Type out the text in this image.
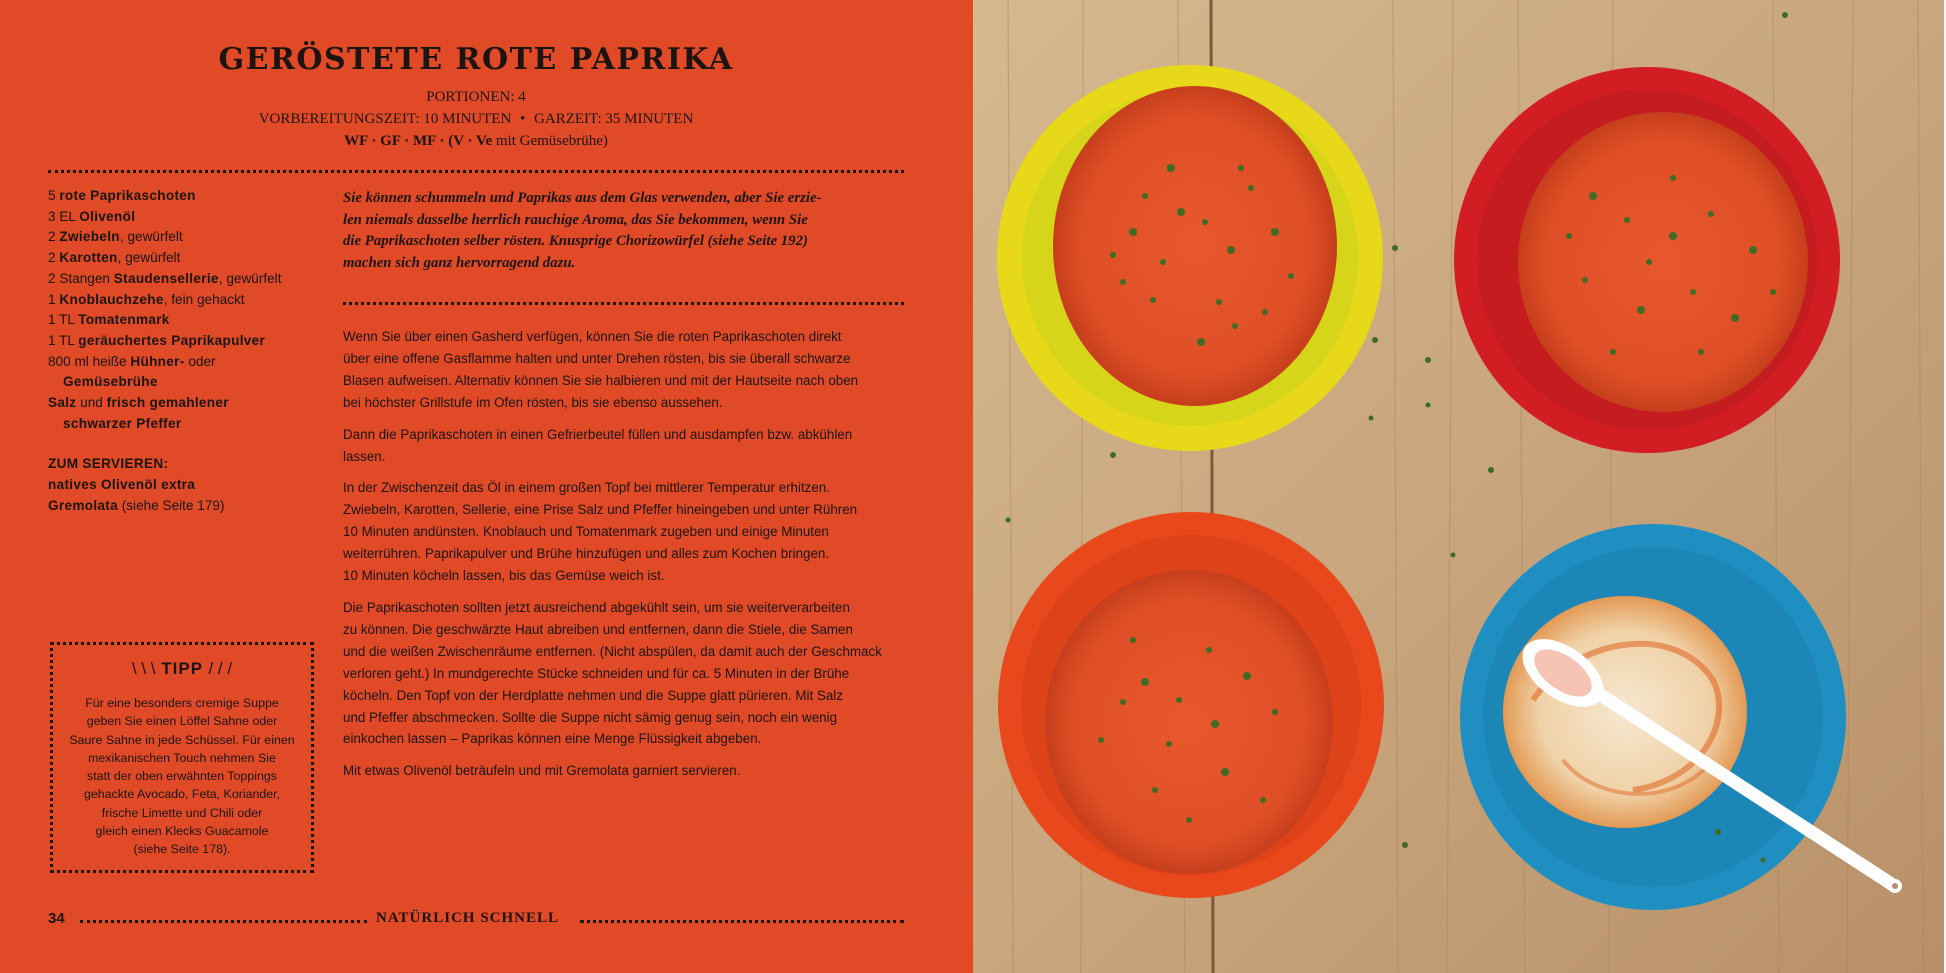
GERÖSTETE ROTE PAPRIKA
PORTIONEN: 4
VORBEREITUNGSZEIT: 10 MINUTEN • GARZEIT: 35 MINUTEN
WF · GF · MF · (V · Ve mit Gemüsebrühe)
5 rote Paprikaschoten
3 EL Olivenöl
2 Zwiebeln, gewürfelt
2 Karotten, gewürfelt
2 Stangen Staudensellerie, gewürfelt
1 Knoblauchzehe, fein gehackt
1 TL Tomatenmark
1 TL geräuchertes Paprikapulver
800 ml heiße Hühner- oder
Gemüsebrühe
Salz und frisch gemahlener
schwarzer Pfeffer
ZUM SERVIEREN:
natives Olivenöl extra
Gremolata (siehe Seite 179)
Sie können schummeln und Paprikas aus dem Glas verwenden, aber Sie erzie-
len niemals dasselbe herrlich rauchige Aroma, das Sie bekommen, wenn Sie
die Paprikaschoten selber rösten. Knusprige Chorizowürfel (siehe Seite 192)
machen sich ganz hervorragend dazu.

Wenn Sie über einen Gasherd verfügen, können Sie die roten Paprikaschoten direkt
über eine offene Gasflamme halten und unter Drehen rösten, bis sie überall schwarze
Blasen aufweisen. Alternativ können Sie sie halbieren und mit der Hautseite nach oben
bei höchster Grillstufe im Ofen rösten, bis sie ebenso aussehen.

Dann die Paprikaschoten in einen Gefrierbeutel füllen und ausdampfen bzw. abkühlen
lassen.

In der Zwischenzeit das Öl in einem großen Topf bei mittlerer Temperatur erhitzen.
Zwiebeln, Karotten, Sellerie, eine Prise Salz und Pfeffer hineingeben und unter Rühren
10 Minuten andünsten. Knoblauch und Tomatenmark zugeben und einige Minuten
weiterrühren. Paprikapulver und Brühe hinzufügen und alles zum Kochen bringen.
10 Minuten köcheln lassen, bis das Gemüse weich ist.

Die Paprikaschoten sollten jetzt ausreichend abgekühlt sein, um sie weiterverarbeiten
zu können. Die geschwärzte Haut abreiben und entfernen, dann die Stiele, die Samen
und die weißen Zwischenräume entfernen. (Nicht abspülen, da damit auch der Geschmack
verloren geht.) In mundgerechte Stücke schneiden und für ca. 5 Minuten in der Brühe
köcheln. Den Topf von der Herdplatte nehmen und die Suppe glatt pürieren. Mit Salz
und Pfeffer abschmecken. Sollte die Suppe nicht sämig genug sein, noch ein wenig
einkochen lassen – Paprikas können eine Menge Flüssigkeit abgeben.

Mit etwas Olivenöl beträufeln und mit Gremolata garniert servieren.

\ \ \ TIPP / / /
Für eine besonders cremige Suppe
geben Sie einen Löffel Sahne oder
Saure Sahne in jede Schüssel. Für einen
mexikanischen Touch nehmen Sie
statt der oben erwähnten Toppings
gehackte Avocado, Feta, Koriander,
frische Limette und Chili oder
gleich einen Klecks Guacamole
(siehe Seite 178).
34	NATÜRLICH SCHNELL
